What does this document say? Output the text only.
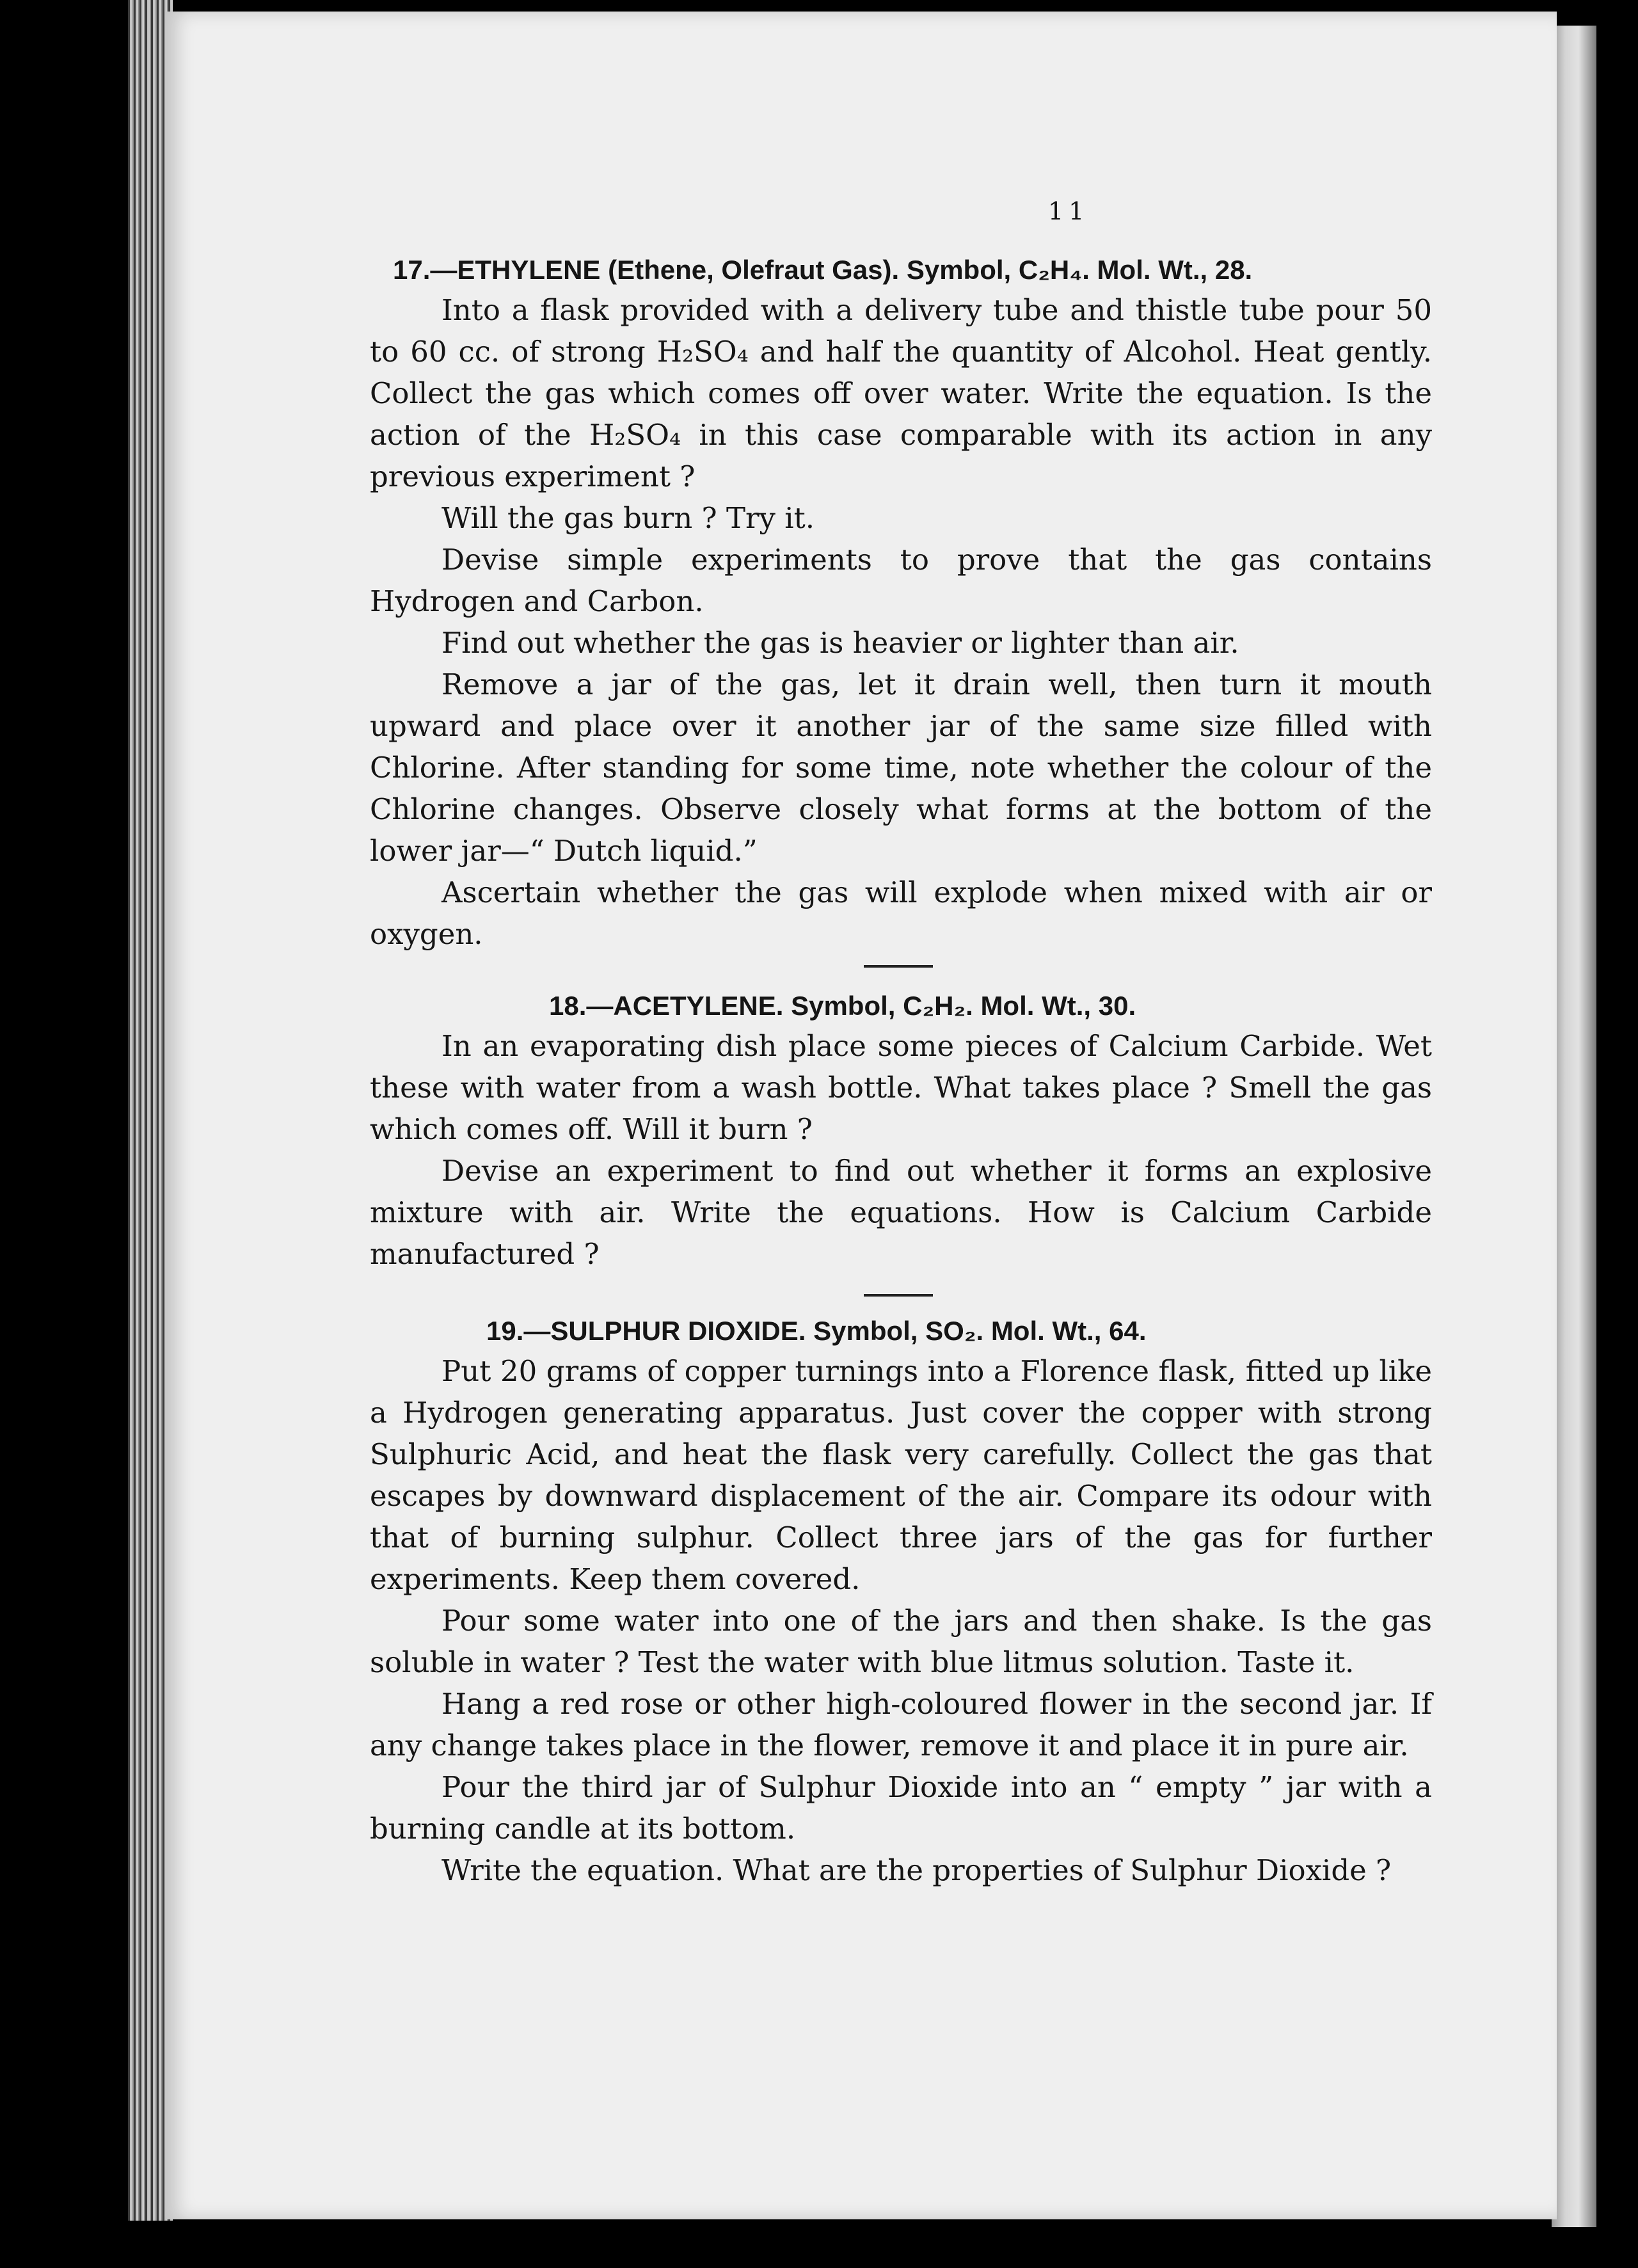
11
17.—ETHYLENE (Ethene, Olefraut Gas). Symbol, C₂H₄. Mol. Wt., 28.

Into a flask provided with a delivery tube and thistle tube pour 50 to 60 cc. of strong H₂SO₄ and half the quantity of Alcohol. Heat gently. Collect the gas which comes off over water. Write the equation. Is the action of the H₂SO₄ in this case comparable with its action in any previous experiment ?

Will the gas burn ? Try it.

Devise simple experiments to prove that the gas contains Hydrogen and Carbon.

Find out whether the gas is heavier or lighter than air.

Remove a jar of the gas, let it drain well, then turn it mouth upward and place over it another jar of the same size filled with Chlorine. After standing for some time, note whether the colour of the Chlorine changes. Observe closely what forms at the bottom of the lower jar—“ Dutch liquid.”

Ascertain whether the gas will explode when mixed with air or oxygen.

18.—ACETYLENE. Symbol, C₂H₂. Mol. Wt., 30.

In an evaporating dish place some pieces of Calcium Carbide. Wet these with water from a wash bottle. What takes place ? Smell the gas which comes off. Will it burn ?

Devise an experiment to find out whether it forms an explosive mixture with air. Write the equations. How is Calcium Carbide manufactured ?

19.—SULPHUR DIOXIDE. Symbol, SO₂. Mol. Wt., 64.

Put 20 grams of copper turnings into a Florence flask, fitted up like a Hydrogen generating apparatus. Just cover the copper with strong Sulphuric Acid, and heat the flask very carefully. Collect the gas that escapes by downward displacement of the air. Compare its odour with that of burning sulphur. Collect three jars of the gas for further experiments. Keep them covered.

Pour some water into one of the jars and then shake. Is the gas soluble in water ? Test the water with blue litmus solution. Taste it.

Hang a red rose or other high-coloured flower in the second jar. If any change takes place in the flower, remove it and place it in pure air.

Pour the third jar of Sulphur Dioxide into an “ empty ” jar with a burning candle at its bottom.

Write the equation. What are the properties of Sulphur Dioxide ?
